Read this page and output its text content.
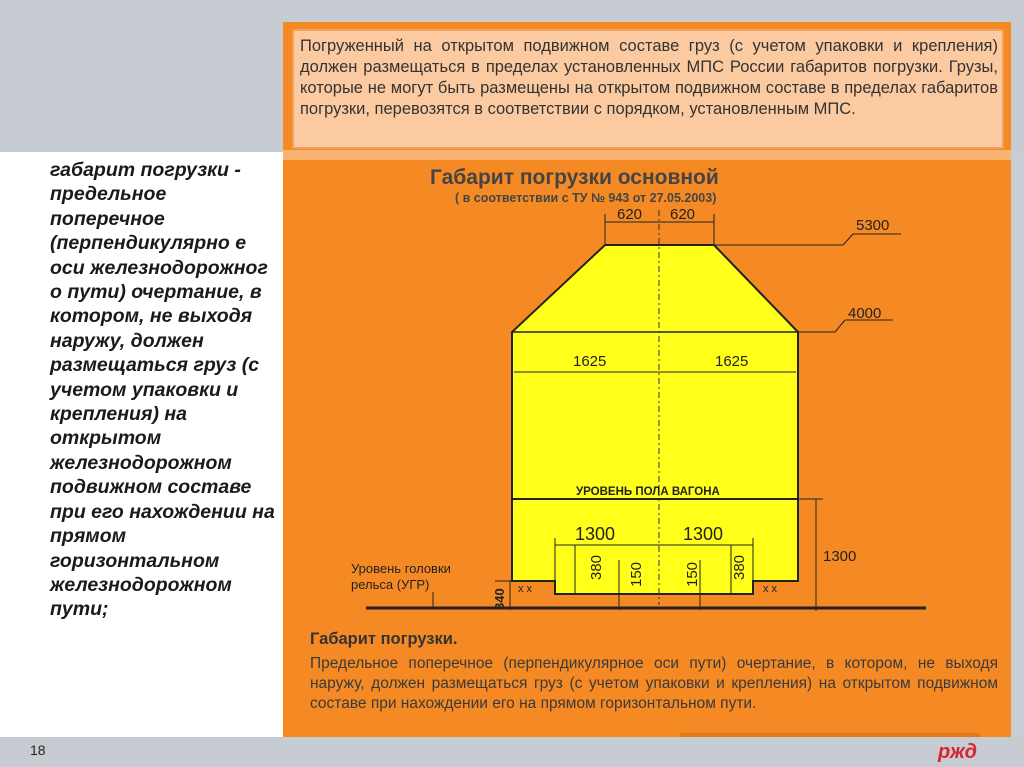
габарит погрузки - предельное поперечное (перпендикулярно е оси железнодорожног о пути) очертание, в котором, не выходя наружу, должен размещаться груз (с учетом упаковки и крепления) на открытом железнодорожном подвижном составе при его нахождении на прямом горизонтальном железнодорожном пути;

Погруженный на открытом подвижном составе груз (с учетом упаковки и крепления) должен размещаться в пределах установленных МПС России габаритов погрузки. Грузы, которые не могут быть размещены на открытом подвижном составе в пределах габаритов погрузки, перевозятся в соответствии с порядком, установленным МПС.

620 620
5300
4000
1625	1625
УРОВЕНЬ ПОЛА ВАГОНА
1300	1300
1300
380 150	150 380
x x	x x
Уровень головки
рельса (УГР)
340

Габарит погрузки основной

( в соответствии с ТУ № 943 от 27.05.2003)

Габарит погрузки.

Предельное поперечное (перпендикулярное оси пути) очертание, в котором, не выходя наружу, должен размещаться груз (с учетом упаковки и крепления) на открытом подвижном составе при нахождении его на прямом горизонтальном пути.

18	ржд
